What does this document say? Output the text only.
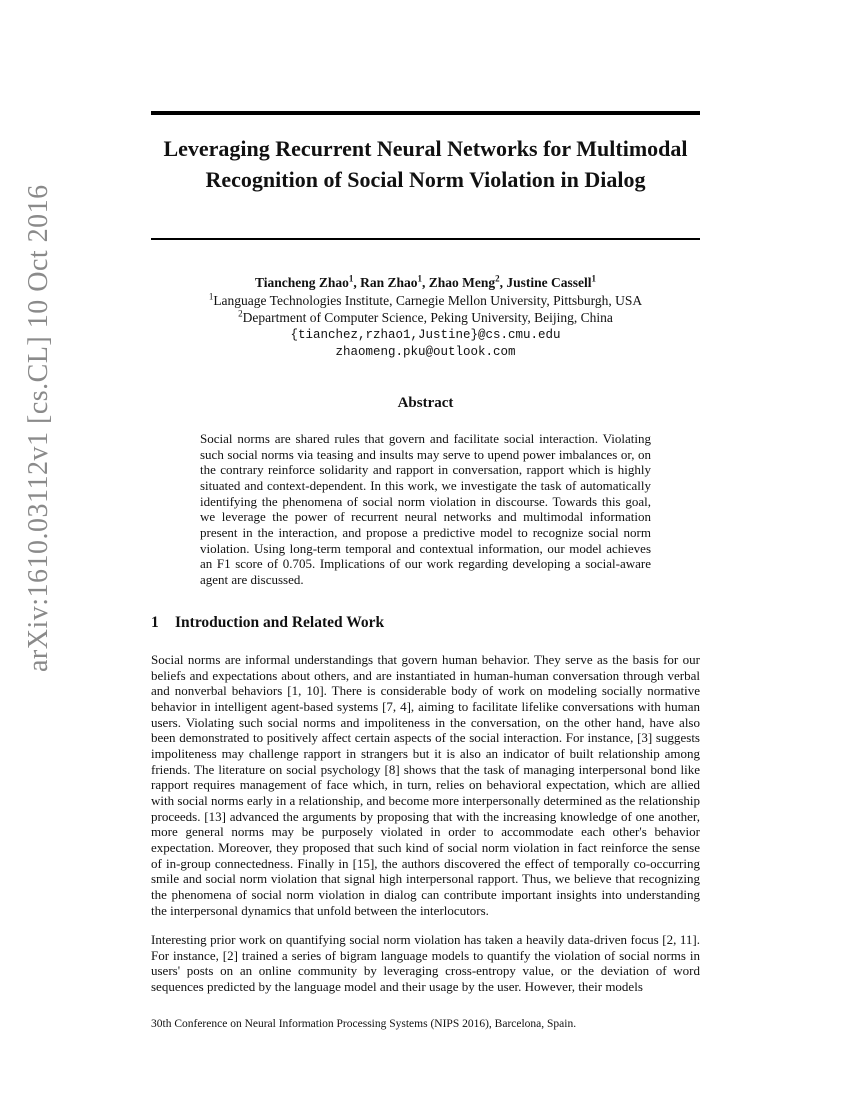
arXiv:1610.03112v1 [cs.CL] 10 Oct 2016
Leveraging Recurrent Neural Networks for Multimodal Recognition of Social Norm Violation in Dialog
Tiancheng Zhao$^1$, Ran Zhao$^1$, Zhao Meng$^2$, Justine Cassell$^1$
$^1$Language Technologies Institute, Carnegie Mellon University, Pittsburgh, USA
$^2$Department of Computer Science, Peking University, Beijing, China
{tianchez,rzhao1,Justine}@cs.cmu.edu
zhaomeng.pku@outlook.com
Abstract

Social norms are shared rules that govern and facilitate social interaction. Violating such social norms via teasing and insults may serve to upend power imbalances or, on the contrary reinforce solidarity and rapport in conversation, rapport which is highly situated and context-dependent. In this work, we investigate the task of automatically identifying the phenomena of social norm violation in discourse. Towards this goal, we leverage the power of recurrent neural networks and multimodal information present in the interaction, and propose a predictive model to recognize social norm violation. Using long-term temporal and contextual information, our model achieves an F1 score of 0.705. Implications of our work regarding developing a social-aware agent are discussed.

1 Introduction and Related Work

Social norms are informal understandings that govern human behavior. They serve as the basis for our beliefs and expectations about others, and are instantiated in human-human conversation through verbal and nonverbal behaviors [1, 10]. There is considerable body of work on modeling socially normative behavior in intelligent agent-based systems [7, 4], aiming to facilitate lifelike conversations with human users. Violating such social norms and impoliteness in the conversation, on the other hand, have also been demonstrated to positively affect certain aspects of the social interaction. For instance, [3] suggests impoliteness may challenge rapport in strangers but it is also an indicator of built relationship among friends. The literature on social psychology [8] shows that the task of managing interpersonal bond like rapport requires management of face which, in turn, relies on behavioral expectation, which are allied with social norms early in a relationship, and become more interpersonally determined as the relationship proceeds. [13] advanced the arguments by proposing that with the increasing knowledge of one another, more general norms may be purposely violated in order to accommodate each other's behavior expectation. Moreover, they proposed that such kind of social norm violation in fact reinforce the sense of in-group connectedness. Finally in [15], the authors discovered the effect of temporally co-occurring smile and social norm violation that signal high interpersonal rapport. Thus, we believe that recognizing the phenomena of social norm violation in dialog can contribute important insights into understanding the interpersonal dynamics that unfold between the interlocutors.

Interesting prior work on quantifying social norm violation has taken a heavily data-driven focus [2, 11]. For instance, [2] trained a series of bigram language models to quantify the violation of social norms in users' posts on an online community by leveraging cross-entropy value, or the deviation of word sequences predicted by the language model and their usage by the user. However, their models

30th Conference on Neural Information Processing Systems (NIPS 2016), Barcelona, Spain.
